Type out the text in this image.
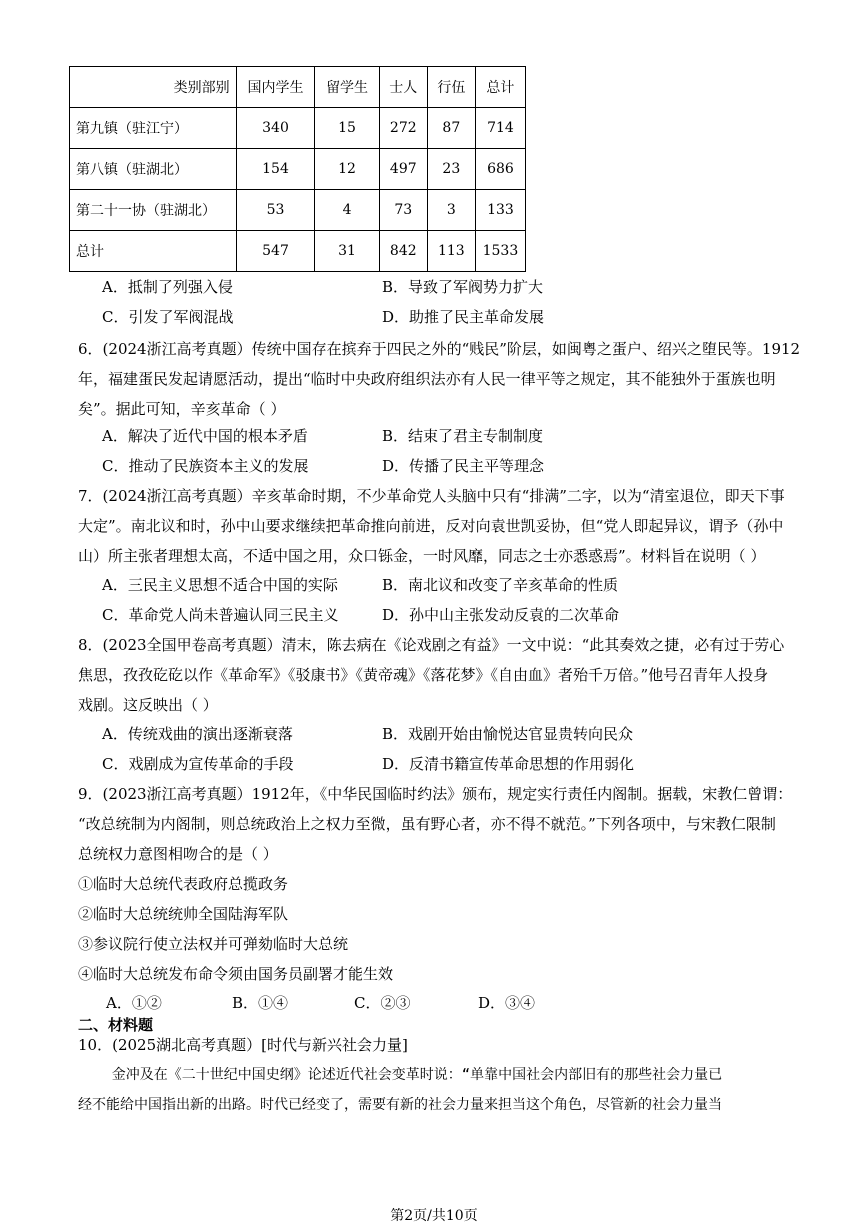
类别部别	国内学生	留学生	士人	行伍	总计
第九镇（驻江宁）	340	15	272	87	714
第八镇（驻湖北）	154	12	497	23	686
第二十一协（驻湖北）	53	4	73	3	133
总计	547	31	842	113	1533
A．抵制了列强入侵	B．导致了军阀势力扩大
C．引发了军阀混战	D．助推了民主革命发展
6．(2024浙江高考真题）传统中国存在摈弃于四民之外的“贱民”阶层，如闽粤之蛋户、绍兴之堕民等。1912
年，福建蛋民发起请愿活动，提出“临时中央政府组织法亦有人民一律平等之规定，其不能独外于蛋族也明
矣”。据此可知，辛亥革命（ ）
A．解决了近代中国的根本矛盾	B．结束了君主专制制度
C．推动了民族资本主义的发展	D．传播了民主平等理念
7．(2024浙江高考真题）辛亥革命时期，不少革命党人头脑中只有“排满”二字，以为“清室退位，即天下事
大定”。南北议和时，孙中山要求继续把革命推向前进，反对向袁世凯妥协，但“党人即起异议，谓予（孙中
山）所主张者理想太高，不适中国之用，众口铄金，一时风靡，同志之士亦悉惑焉”。材料旨在说明（ ）
A．三民主义思想不适合中国的实际	B．南北议和改变了辛亥革命的性质
C．革命党人尚未普遍认同三民主义	D．孙中山主张发动反袁的二次革命
8．(2023全国甲卷高考真题）清末，陈去病在《论戏剧之有益》一文中说：“此其奏效之捷，必有过于劳心
焦思，孜孜矻矻以作《革命军》《驳康书》《黄帝魂》《落花梦》《自由血》者殆千万倍。”他号召青年人投身
戏剧。这反映出（ ）
A．传统戏曲的演出逐渐衰落	B．戏剧开始由愉悦达官显贵转向民众
C．戏剧成为宣传革命的手段	D．反清书籍宣传革命思想的作用弱化
9．(2023浙江高考真题）1912年，《中华民国临时约法》颁布，规定实行责任内阁制。据载，宋教仁曾谓：
“改总统制为内阁制，则总统政治上之权力至微，虽有野心者，亦不得不就范。”下列各项中，与宋教仁限制
总统权力意图相吻合的是（ ）
①临时大总统代表政府总揽政务
②临时大总统统帅全国陆海军队
③参议院行使立法权并可弹劾临时大总统
④临时大总统发布命令须由国务员副署才能生效
A．①②	B．①④	C．②③	D．③④
二、材料题
10．(2025湖北高考真题）[时代与新兴社会力量]
金冲及在《二十世纪中国史纲》论述近代社会变革时说：“单靠中国社会内部旧有的那些社会力量已
经不能给中国指出新的出路。时代已经变了，需要有新的社会力量来担当这个角色，尽管新的社会力量当
第2页/共10页
